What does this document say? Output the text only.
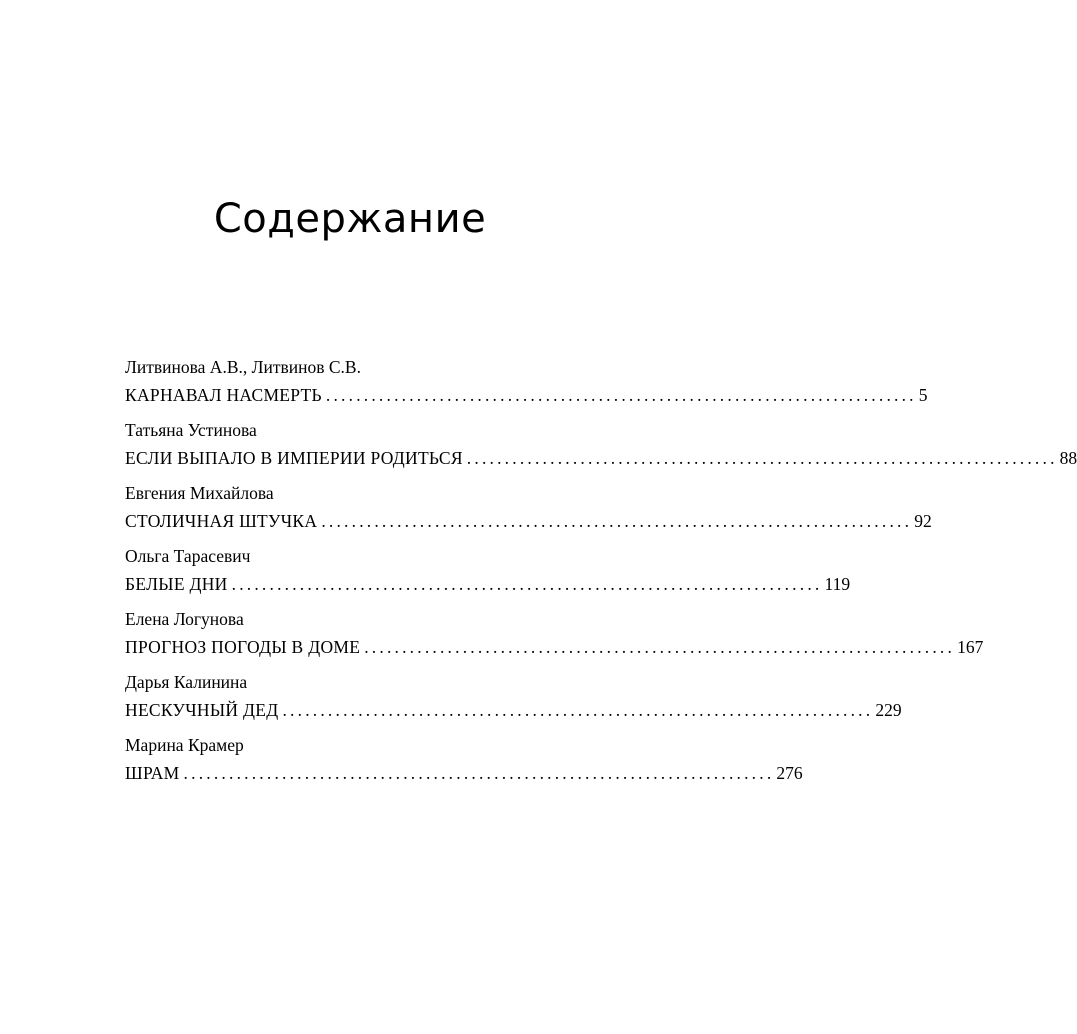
Содержание
Литвинова А.В., Литвинов С.В.
КАРНАВАЛ НАСМЕРТЬ .............................................................................. 5
Татьяна Устинова
ЕСЛИ ВЫПАЛО В ИМПЕРИИ РОДИТЬСЯ .............................................................................. 88
Евгения Михайлова
СТОЛИЧНАЯ ШТУЧКА .............................................................................. 92
Ольга Тарасевич
БЕЛЫЕ ДНИ .............................................................................. 119
Елена Логунова
ПРОГНОЗ ПОГОДЫ В ДОМЕ .............................................................................. 167
Дарья Калинина
НЕСКУЧНЫЙ ДЕД .............................................................................. 229
Марина Крамер
ШРАМ .............................................................................. 276
